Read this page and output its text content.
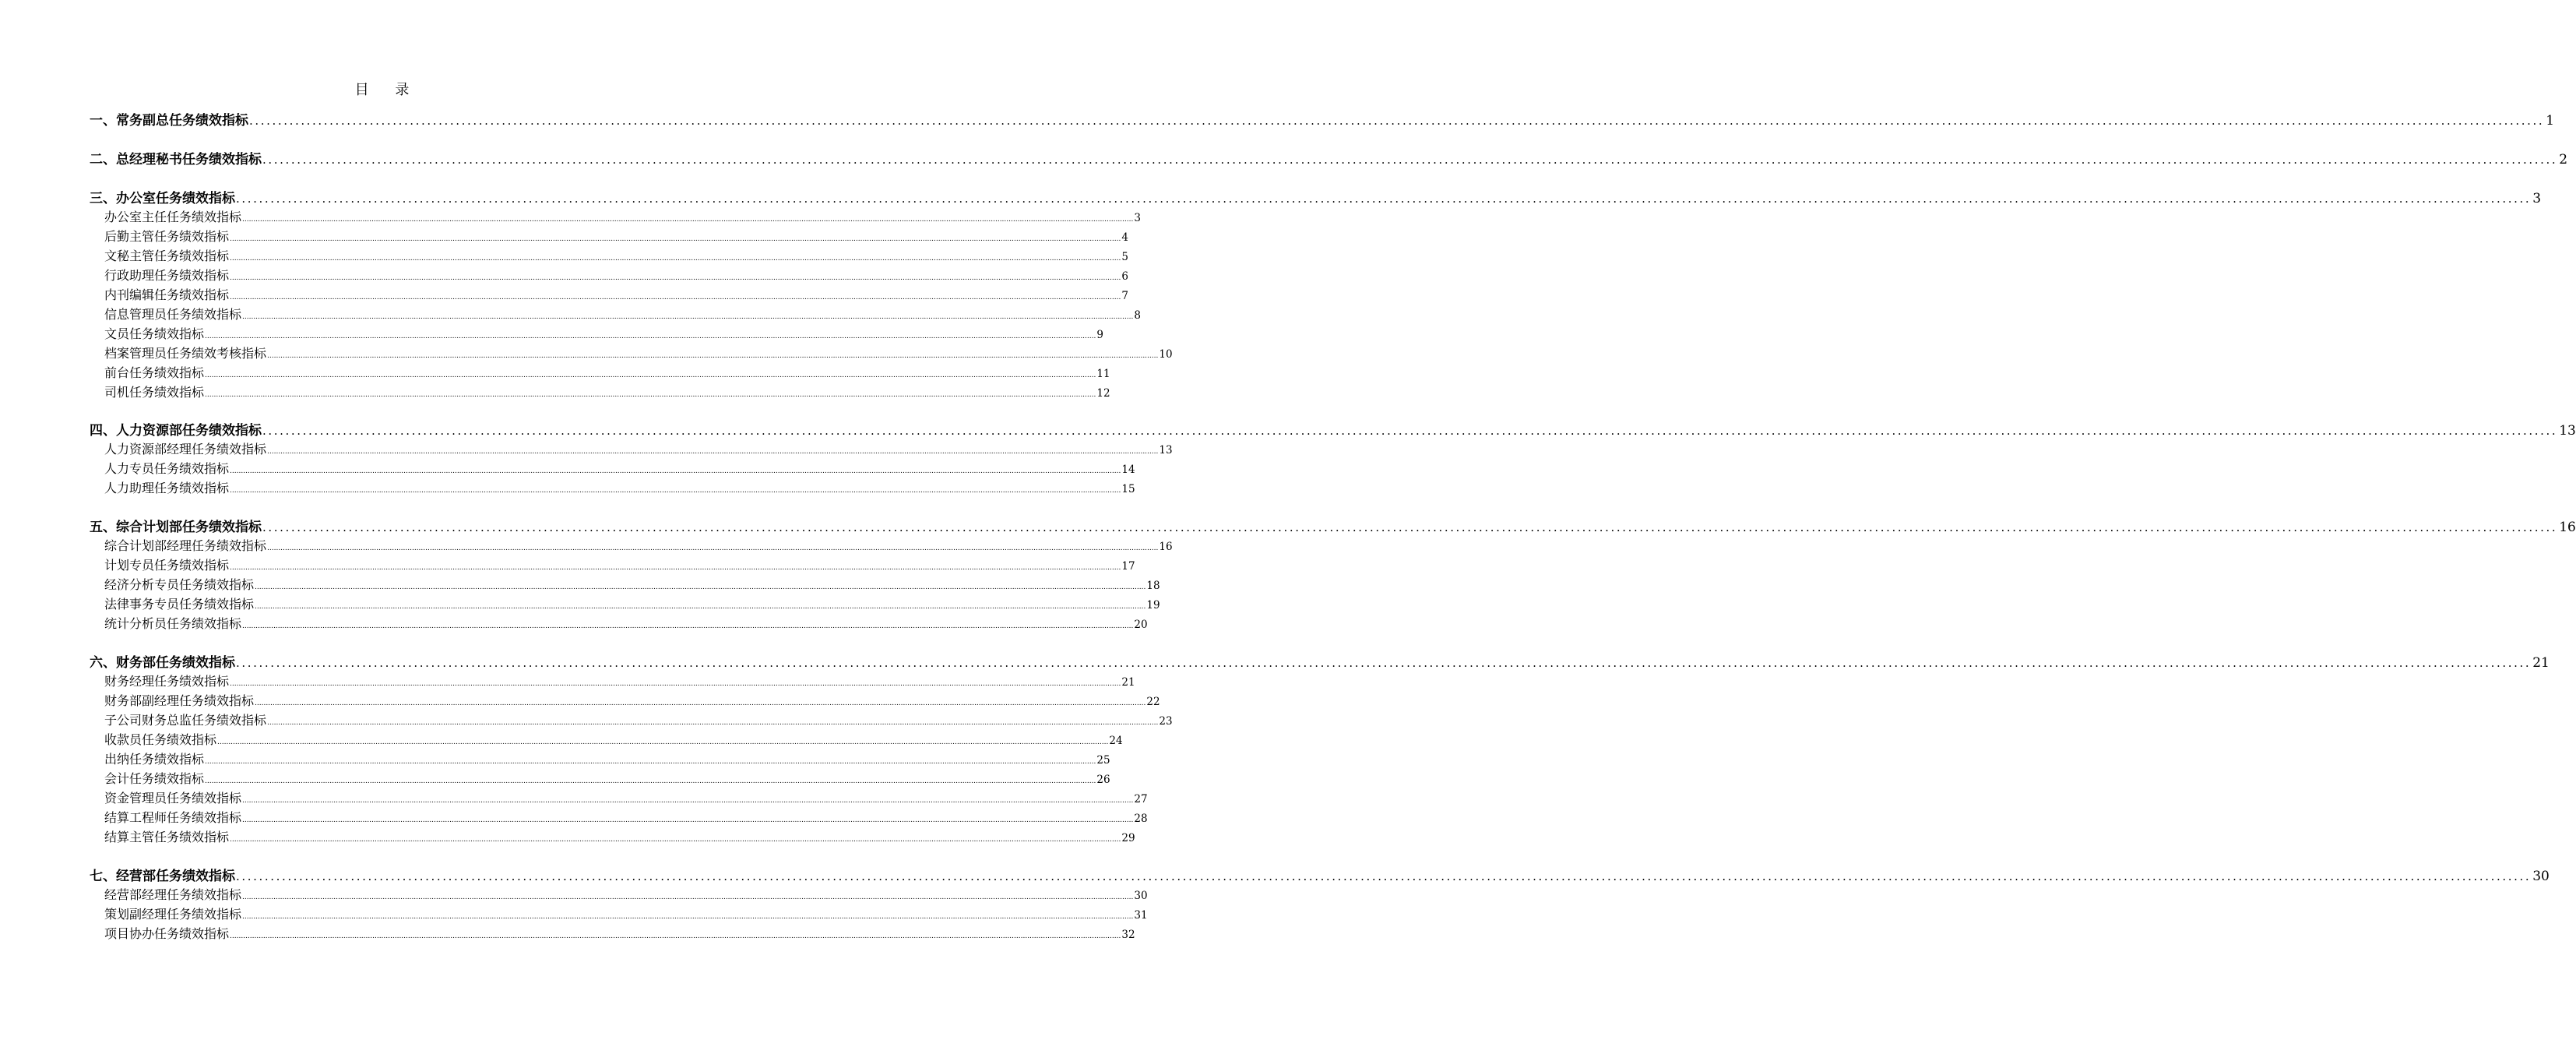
目 录
一、常务副总任务绩效指标 ................................................................................................................................................................................................................................................................................................................................................................................................................ 1
二、总经理秘书任务绩效指标 ................................................................................................................................................................................................................................................................................................................................................................................................................ 2
三、办公室任务绩效指标 ................................................................................................................................................................................................................................................................................................................................................................................................................ 3
办公室主任任务绩效指标 ................................................................................................................................................................................................................................................................................................................................................................................................................ 3
后勤主管任务绩效指标 ................................................................................................................................................................................................................................................................................................................................................................................................................ 4
文秘主管任务绩效指标 ................................................................................................................................................................................................................................................................................................................................................................................................................ 5
行政助理任务绩效指标 ................................................................................................................................................................................................................................................................................................................................................................................................................ 6
内刊编辑任务绩效指标 ................................................................................................................................................................................................................................................................................................................................................................................................................ 7
信息管理员任务绩效指标 ................................................................................................................................................................................................................................................................................................................................................................................................................ 8
文员任务绩效指标 ................................................................................................................................................................................................................................................................................................................................................................................................................ 9
档案管理员任务绩效考核指标 ................................................................................................................................................................................................................................................................................................................................................................................................................ 10
前台任务绩效指标 ................................................................................................................................................................................................................................................................................................................................................................................................................ 11
司机任务绩效指标 ................................................................................................................................................................................................................................................................................................................................................................................................................ 12
四、人力资源部任务绩效指标 ................................................................................................................................................................................................................................................................................................................................................................................................................ 13
人力资源部经理任务绩效指标 ................................................................................................................................................................................................................................................................................................................................................................................................................ 13
人力专员任务绩效指标 ................................................................................................................................................................................................................................................................................................................................................................................................................ 14
人力助理任务绩效指标 ................................................................................................................................................................................................................................................................................................................................................................................................................ 15
五、综合计划部任务绩效指标 ................................................................................................................................................................................................................................................................................................................................................................................................................ 16
综合计划部经理任务绩效指标 ................................................................................................................................................................................................................................................................................................................................................................................................................ 16
计划专员任务绩效指标 ................................................................................................................................................................................................................................................................................................................................................................................................................ 17
经济分析专员任务绩效指标 ................................................................................................................................................................................................................................................................................................................................................................................................................ 18
法律事务专员任务绩效指标 ................................................................................................................................................................................................................................................................................................................................................................................................................ 19
统计分析员任务绩效指标 ................................................................................................................................................................................................................................................................................................................................................................................................................ 20
六、财务部任务绩效指标 ................................................................................................................................................................................................................................................................................................................................................................................................................ 21
财务经理任务绩效指标 ................................................................................................................................................................................................................................................................................................................................................................................................................ 21
财务部副经理任务绩效指标 ................................................................................................................................................................................................................................................................................................................................................................................................................ 22
子公司财务总监任务绩效指标 ................................................................................................................................................................................................................................................................................................................................................................................................................ 23
收款员任务绩效指标 ................................................................................................................................................................................................................................................................................................................................................................................................................ 24
出纳任务绩效指标 ................................................................................................................................................................................................................................................................................................................................................................................................................ 25
会计任务绩效指标 ................................................................................................................................................................................................................................................................................................................................................................................................................ 26
资金管理员任务绩效指标 ................................................................................................................................................................................................................................................................................................................................................................................................................ 27
结算工程师任务绩效指标 ................................................................................................................................................................................................................................................................................................................................................................................................................ 28
结算主管任务绩效指标 ................................................................................................................................................................................................................................................................................................................................................................................................................ 29
七、经营部任务绩效指标 ................................................................................................................................................................................................................................................................................................................................................................................................................ 30
经营部经理任务绩效指标 ................................................................................................................................................................................................................................................................................................................................................................................................................ 30
策划副经理任务绩效指标 ................................................................................................................................................................................................................................................................................................................................................................................................................ 31
项目协办任务绩效指标 ................................................................................................................................................................................................................................................................................................................................................................................................................ 32
